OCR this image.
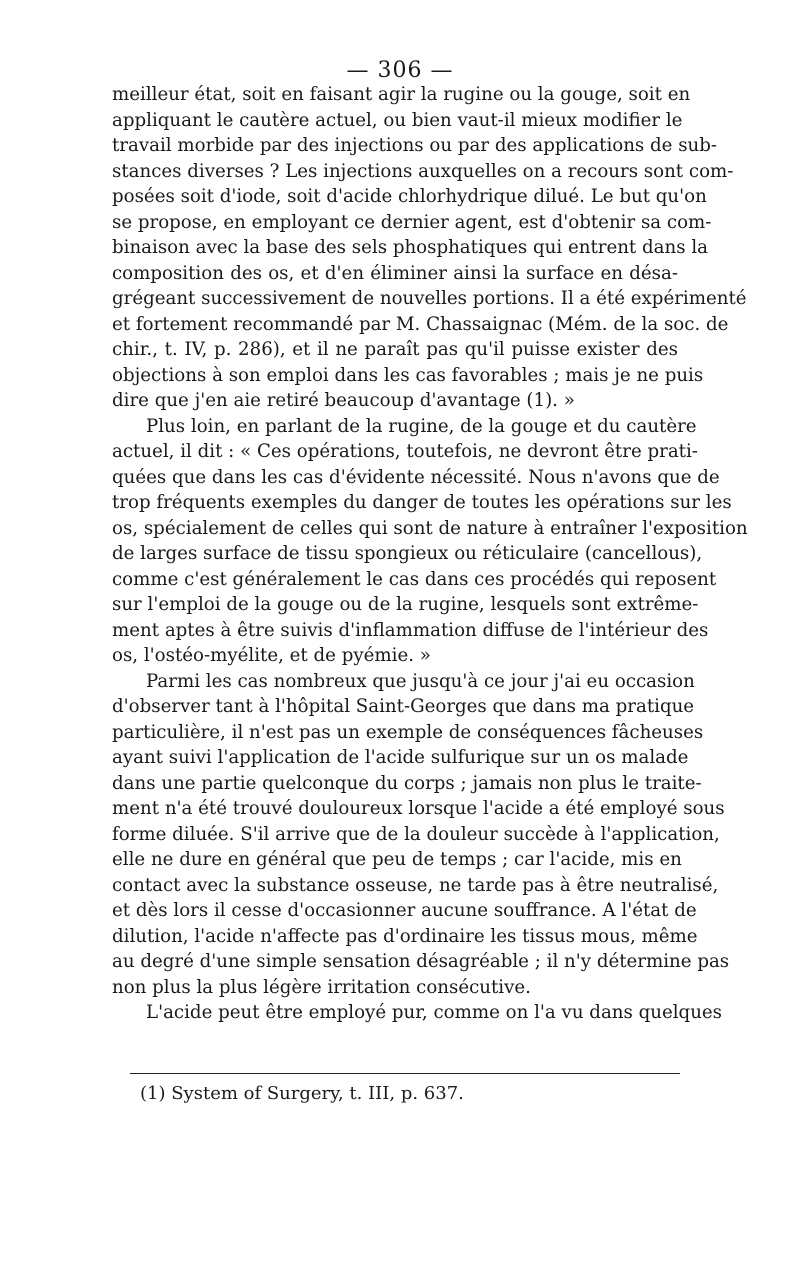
— 306 —
meilleur état, soit en faisant agir la rugine ou la gouge, soit en
appliquant le cautère actuel, ou bien vaut-il mieux modifier le
travail morbide par des injections ou par des applications de sub-
stances diverses ? Les injections auxquelles on a recours sont com-
posées soit d'iode, soit d'acide chlorhydrique dilué. Le but qu'on
se propose, en employant ce dernier agent, est d'obtenir sa com-
binaison avec la base des sels phosphatiques qui entrent dans la
composition des os, et d'en éliminer ainsi la surface en désa-
grégeant successivement de nouvelles portions. Il a été expérimenté
et fortement recommandé par M. Chassaignac (Mém. de la soc. de
chir., t. IV, p. 286), et il ne paraît pas qu'il puisse exister des
objections à son emploi dans les cas favorables ; mais je ne puis
dire que j'en aie retiré beaucoup d'avantage (1). »
Plus loin, en parlant de la rugine, de la gouge et du cautère
actuel, il dit : « Ces opérations, toutefois, ne devront être prati-
quées que dans les cas d'évidente nécessité. Nous n'avons que de
trop fréquents exemples du danger de toutes les opérations sur les
os, spécialement de celles qui sont de nature à entraîner l'exposition
de larges surface de tissu spongieux ou réticulaire (cancellous),
comme c'est généralement le cas dans ces procédés qui reposent
sur l'emploi de la gouge ou de la rugine, lesquels sont extrême-
ment aptes à être suivis d'inflammation diffuse de l'intérieur des
os, l'ostéo-myélite, et de pyémie. »
Parmi les cas nombreux que jusqu'à ce jour j'ai eu occasion
d'observer tant à l'hôpital Saint-Georges que dans ma pratique
particulière, il n'est pas un exemple de conséquences fâcheuses
ayant suivi l'application de l'acide sulfurique sur un os malade
dans une partie quelconque du corps ; jamais non plus le traite-
ment n'a été trouvé douloureux lorsque l'acide a été employé sous
forme diluée. S'il arrive que de la douleur succède à l'application,
elle ne dure en général que peu de temps ; car l'acide, mis en
contact avec la substance osseuse, ne tarde pas à être neutralisé,
et dès lors il cesse d'occasionner aucune souffrance. A l'état de
dilution, l'acide n'affecte pas d'ordinaire les tissus mous, même
au degré d'une simple sensation désagréable ; il n'y détermine pas
non plus la plus légère irritation consécutive.
L'acide peut être employé pur, comme on l'a vu dans quelques
(1) System of Surgery, t. III, p. 637.
